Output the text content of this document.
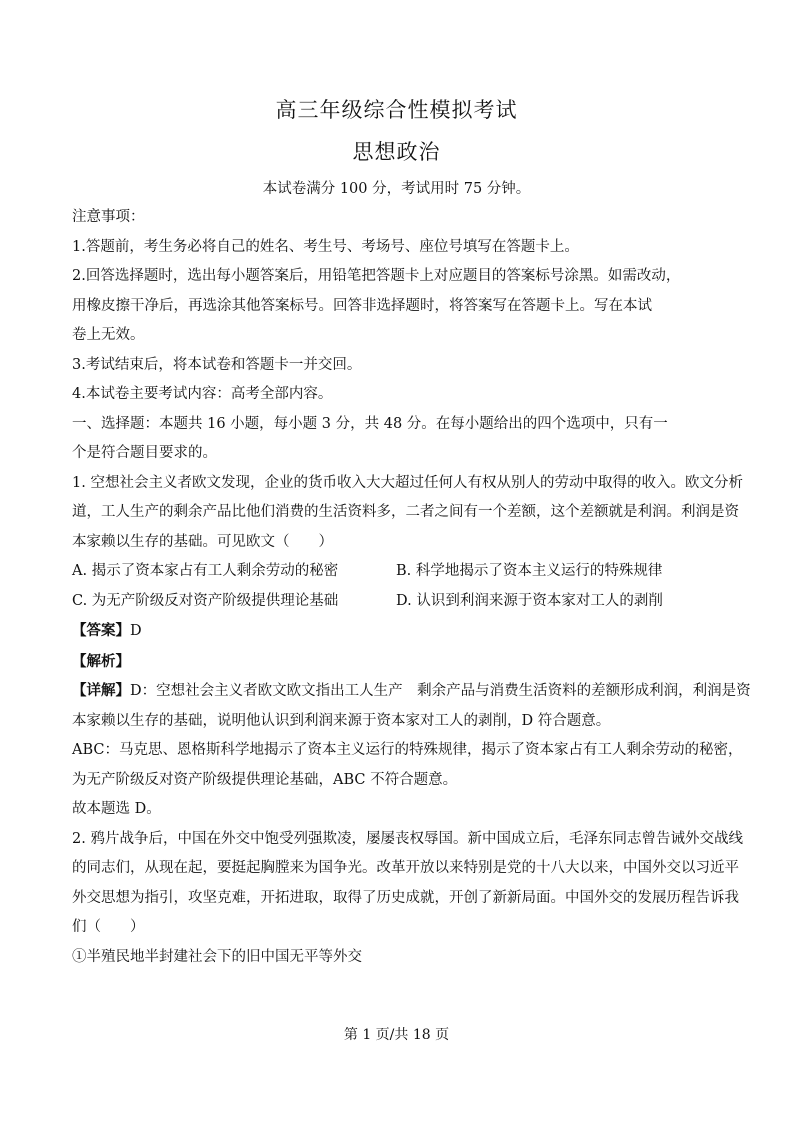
高三年级综合性模拟考试
思想政治
本试卷满分 100 分，考试用时 75 分钟。
注意事项：
1.答题前，考生务必将自己的姓名、考生号、考场号、座位号填写在答题卡上。
2.回答选择题时，选出每小题答案后，用铅笔把答题卡上对应题目的答案标号涂黑。如需改动，
用橡皮擦干净后，再选涂其他答案标号。回答非选择题时，将答案写在答题卡上。写在本试
卷上无效。
3.考试结束后，将本试卷和答题卡一并交回。
4.本试卷主要考试内容：高考全部内容。
一、选择题：本题共 16 小题，每小题 3 分，共 48 分。在每小题给出的四个选项中，只有一
个是符合题目要求的。
1. 空想社会主义者欧文发现，企业的货币收入大大超过任何人有权从别人的劳动中取得的收入。欧文分析
道，工人生产的剩余产品比他们消费的生活资料多，二者之间有一个差额，这个差额就是利润。利润是资
本家赖以生存的基础。可见欧文（　　）
A. 揭示了资本家占有工人剩余劳动的秘密	B. 科学地揭示了资本主义运行的特殊规律
C. 为无产阶级反对资产阶级提供理论基础	D. 认识到利润来源于资本家对工人的剥削
【答案】D
【解析】
【详解】D：空想社会主义者欧文欧文指出工人生产　剩余产品与消费生活资料的差额形成利润，利润是资
本家赖以生存的基础，说明他认识到利润来源于资本家对工人的剥削，D 符合题意。
ABC：马克思、恩格斯科学地揭示了资本主义运行的特殊规律，揭示了资本家占有工人剩余劳动的秘密，
为无产阶级反对资产阶级提供理论基础，ABC 不符合题意。
故本题选 D。
2. 鸦片战争后，中国在外交中饱受列强欺凌，屡屡丧权辱国。新中国成立后，毛泽东同志曾告诫外交战线
的同志们，从现在起，要挺起胸膛来为国争光。改革开放以来特别是党的十八大以来，中国外交以习近平
外交思想为指引，攻坚克难，开拓进取，取得了历史成就，开创了新新局面。中国外交的发展历程告诉我
们（　　）
①半殖民地半封建社会下的旧中国无平等外交
第 1 页/共 18 页
